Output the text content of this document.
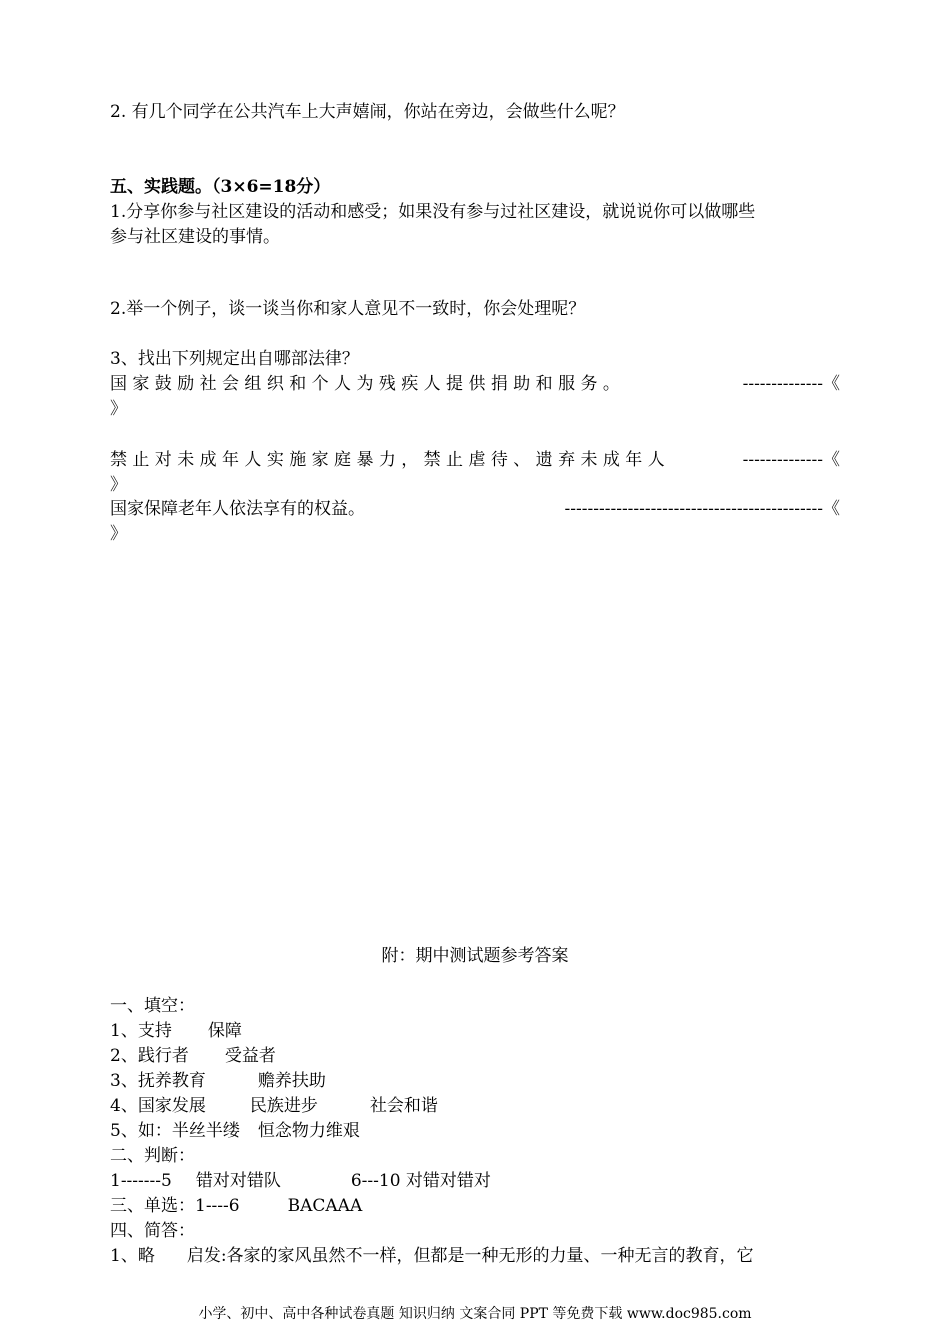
2. 有几个同学在公共汽车上大声嬉闹，你站在旁边，会做些什么呢？
五、实践题。（3×6=18分）
1.分享你参与社区建设的活动和感受；如果没有参与过社区建设，就说说你可以做哪些
参与社区建设的事情。
2.举一个例子，谈一谈当你和家人意见不一致时，你会处理呢？
3、找出下列规定出自哪部法律？
国 家 鼓 励 社 会 组 织 和 个 人 为 残 疾 人 提 供 捐 助 和 服 务 。	--------------《
》
禁 止 对 未 成 年 人 实 施 家 庭 暴 力 ， 禁 止 虐 待 、 遗 弃 未 成 年 人	--------------《
》
国家保障老年人依法享有的权益。	---------------------------------------------《
》
附：期中测试题参考答案
一、填空：
1、支持 保障
2、践行者 受益者
3、抚养教育	赡养扶助
4、国家发展	民族进步	社会和谐
5、如：半丝半缕 恒念物力维艰
二、判断：
1-------5 错对对错队	6---10 对错对错对
三、单选：1----6	BACAAA
四、简答：
1、略 启发:各家的家风虽然不一样，但都是一种无形的力量、一种无言的教育，它
小学、初中、高中各种试卷真题 知识归纳 文案合同 PPT 等免费下载 www.doc985.com
